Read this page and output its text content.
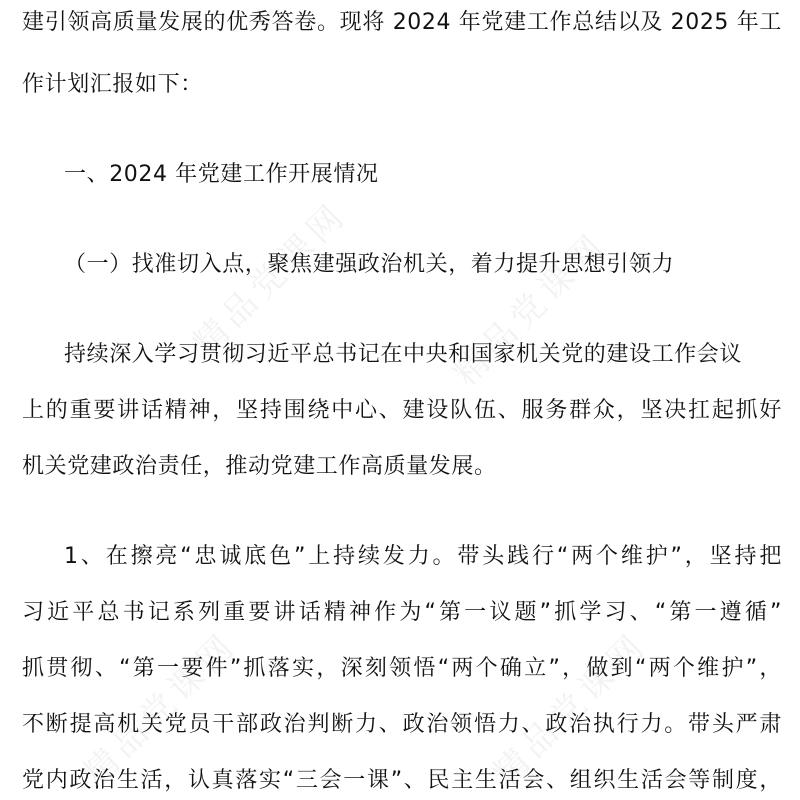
精品党课网	精品党课网
精品党课网	精品党课网
建引领高质量发展的优秀答卷。现将 2024 年党建工作总结以及 2025 年工
作计划汇报如下：
一、2024 年党建工作开展情况
（一）找准切入点，聚焦建强政治机关，着力提升思想引领力
持续深入学习贯彻习近平总书记在中央和国家机关党的建设工作会议
上的重要讲话精神，坚持围绕中心、建设队伍、服务群众，坚决扛起抓好
机关党建政治责任，推动党建工作高质量发展。
1、在擦亮“忠诚底色”上持续发力。带头践行“两个维护”，坚持把
习近平总书记系列重要讲话精神作为“第一议题”抓学习、“第一遵循”
抓贯彻、“第一要件”抓落实，深刻领悟“两个确立”，做到“两个维护”，
不断提高机关党员干部政治判断力、政治领悟力、政治执行力。带头严肃
党内政治生活，认真落实“三会一课”、民主生活会、组织生活会等制度，
